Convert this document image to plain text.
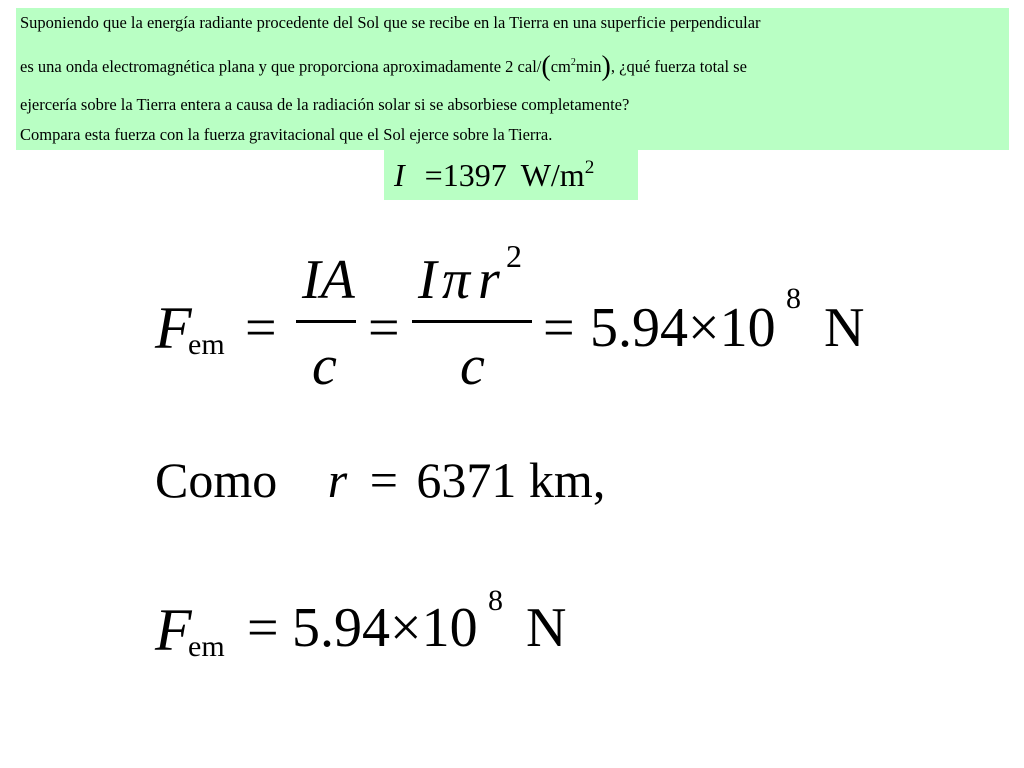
Suponiendo que la energía radiante procedente del Sol que se recibe en la Tierra en una superficie perpendicular
es una onda electromagnética plana y que proporciona aproximadamente 2 cal/$(cm^2\min)$, ¿qué fuerza total se
ejercería sobre la Tierra entera a causa de la radiación solar si se absorbiese completamente?
Compara esta fuerza con la fuerza gravitacional que el Sol ejerce sobre la Tierra.
I =1397 $W/m^2$
F
em =
IA
c
=
I π r 2
c
= 5.94×10 8 N
Como r = 6371 km,
F
em = 5.94×10 8 N
